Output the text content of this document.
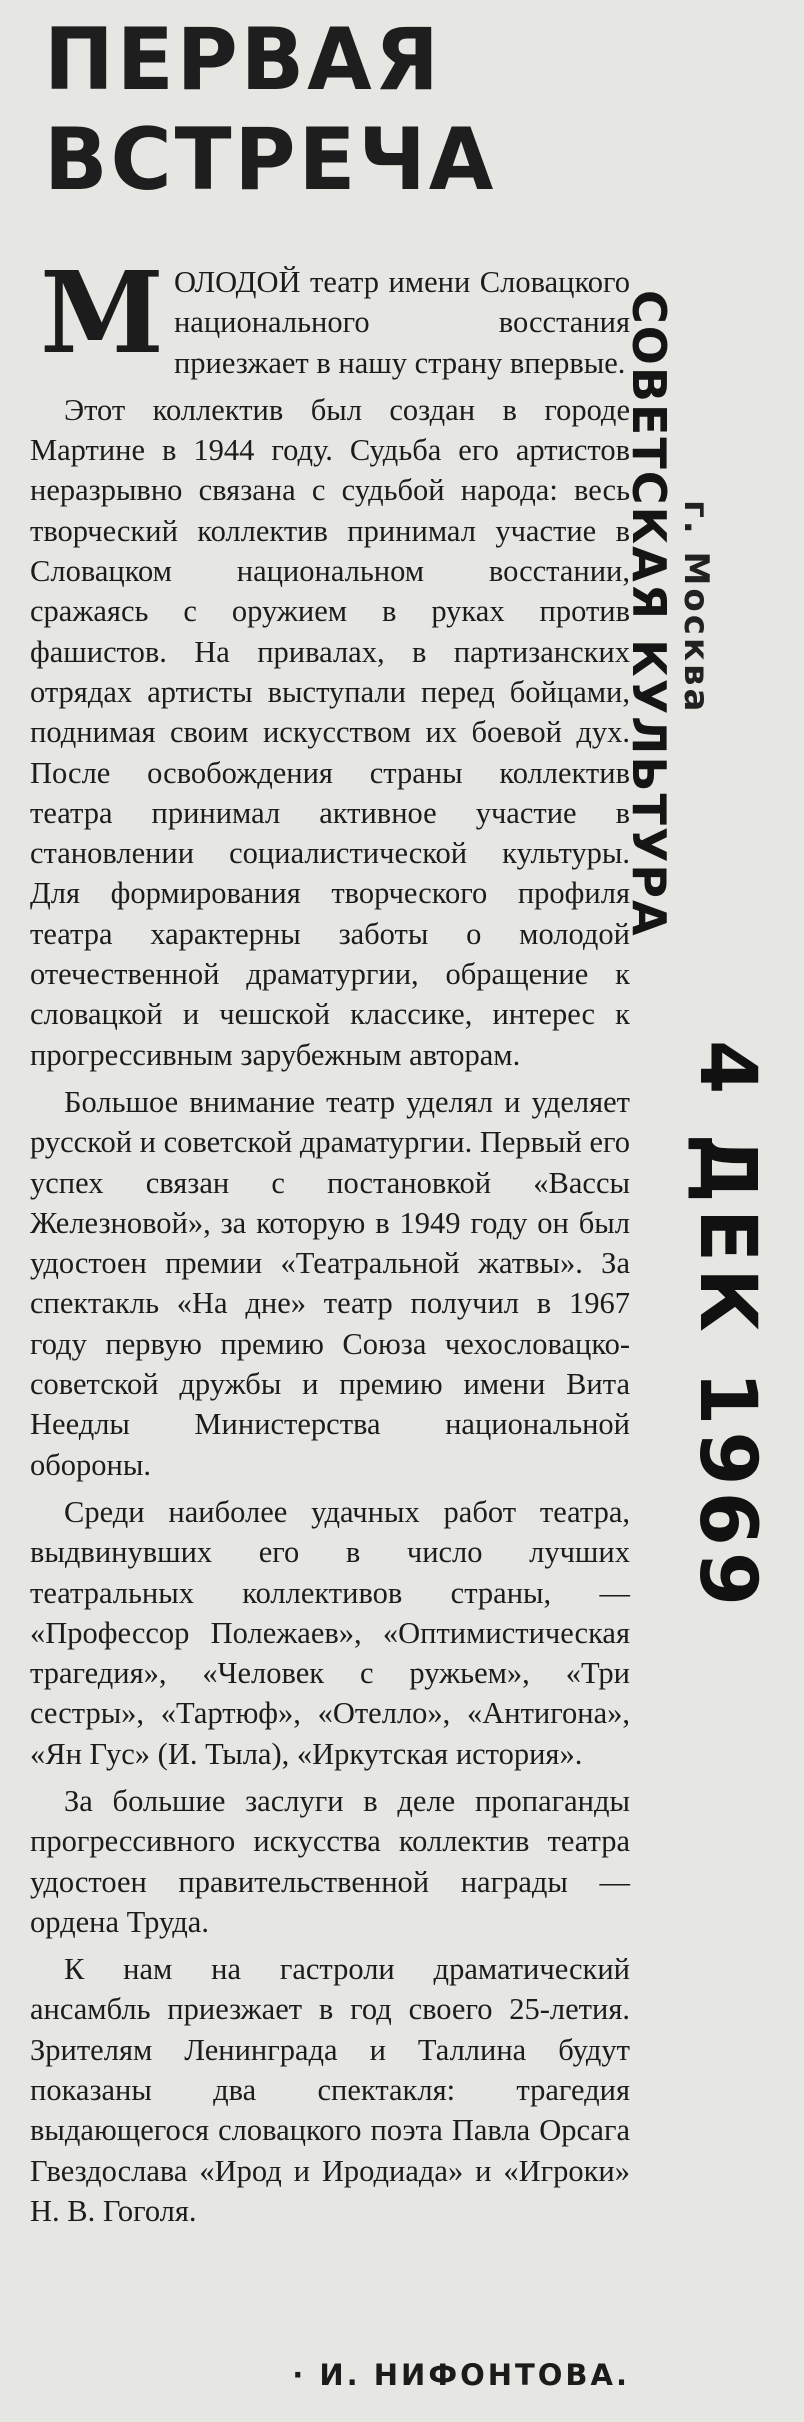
ПЕРВАЯ
ВСТРЕЧА

МОЛОДОЙ театр имени Словацкого национального восстания приезжает в нашу страну впервые.

Этот коллектив был создан в городе Мартине в 1944 году. Судьба его артистов неразрывно связана с судьбой народа: весь творческий коллектив принимал участие в Словацком национальном восстании, сражаясь с оружием в руках против фашистов. На привалах, в партизанских отрядах артисты выступали перед бойцами, поднимая своим искусством их боевой дух. После освобождения страны коллектив театра принимал активное участие в становлении социалистической культуры. Для формирования творческого профиля театра характерны заботы о молодой отечественной драматургии, обращение к словацкой и чешской классике, интерес к прогрессивным зарубежным авторам.

Большое внимание театр уделял и уделяет русской и советской драматургии. Первый его успех связан с постановкой «Вассы Железновой», за которую в 1949 году он был удостоен премии «Театральной жатвы». За спектакль «На дне» театр получил в 1967 году первую премию Союза чехословацко-советской дружбы и премию имени Вита Неедлы Министерства национальной обороны.

Среди наиболее удачных работ театра, выдвинувших его в число лучших театральных коллективов страны, — «Профессор Полежаев», «Оптимистическая трагедия», «Человек с ружьем», «Три сестры», «Тартюф», «Отелло», «Антигона», «Ян Гус» (И. Тыла), «Иркутская история».

За большие заслуги в деле пропаганды прогрессивного искусства коллектив театра удостоен правительственной награды — ордена Труда.

К нам на гастроли драматический ансамбль приезжает в год своего 25-летия. Зрителям Ленинграда и Таллина будут показаны два спектакля: трагедия выдающегося словацкого поэта Павла Орсага Гвездослава «Ирод и Иродиада» и «Игроки» Н. В. Гоголя.

· И. НИФОНТОВА.
СОВЕТСКАЯ КУЛЬТУРА г. Москва
4 ДЕК 1969
